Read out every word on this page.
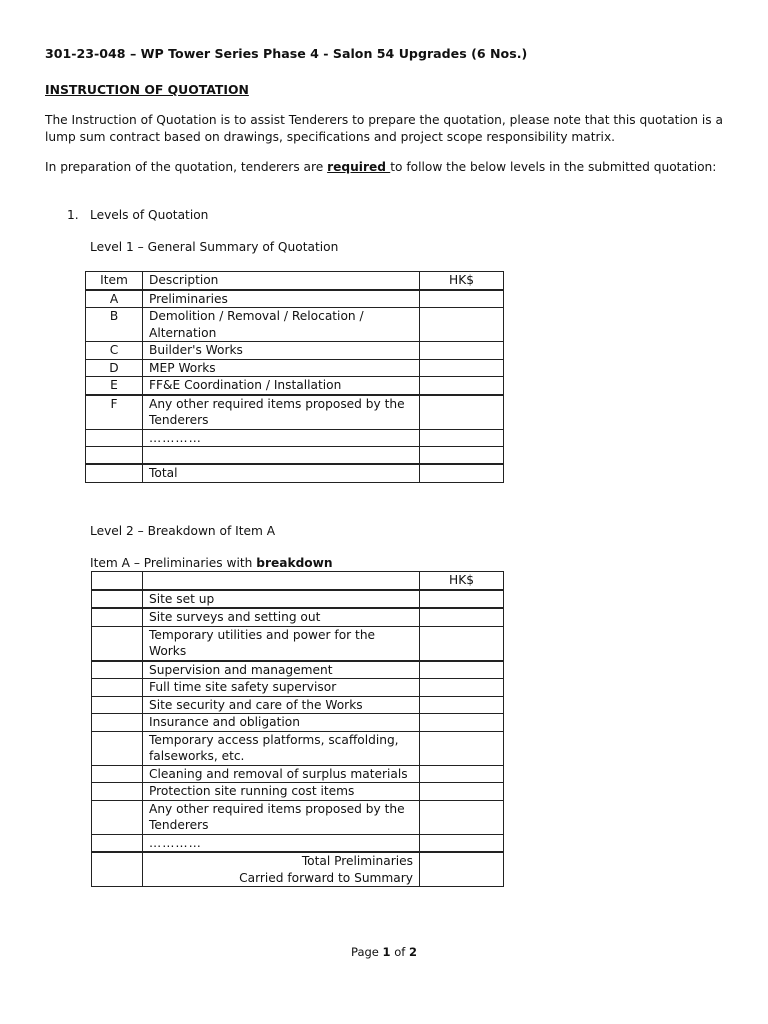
301-23-048 – WP Tower Series Phase 4 - Salon 54 Upgrades (6 Nos.)
INSTRUCTION OF QUOTATION
The Instruction of Quotation is to assist Tenderers to prepare the quotation, please note that this quotation is a lump sum contract based on drawings, specifications and project scope responsibility matrix.
In preparation of the quotation, tenderers are required to follow the below levels in the submitted quotation:
1. Levels of Quotation
Level 1 – General Summary of Quotation
Item	Description	HK$
A	Preliminaries	
B	Demolition / Removal / Relocation / Alternation	
C	Builder's Works	
D	MEP Works	
E	FF&E Coordination / Installation	
F	Any other required items proposed by the Tenderers	
	…………	

	Total	
Level 2 – Breakdown of Item A
Item A – Preliminaries with breakdown
		HK$
	Site set up	
	Site surveys and setting out	
	Temporary utilities and power for the Works	
	Supervision and management	
	Full time site safety supervisor	
	Site security and care of the Works	
	Insurance and obligation	
	Temporary access platforms, scaffolding, falseworks, etc.	
	Cleaning and removal of surplus materials	
	Protection site running cost items	
	Any other required items proposed by the Tenderers	
	…………	

	Total Preliminaries
Carried forward to Summary	

Page 1 of 2
